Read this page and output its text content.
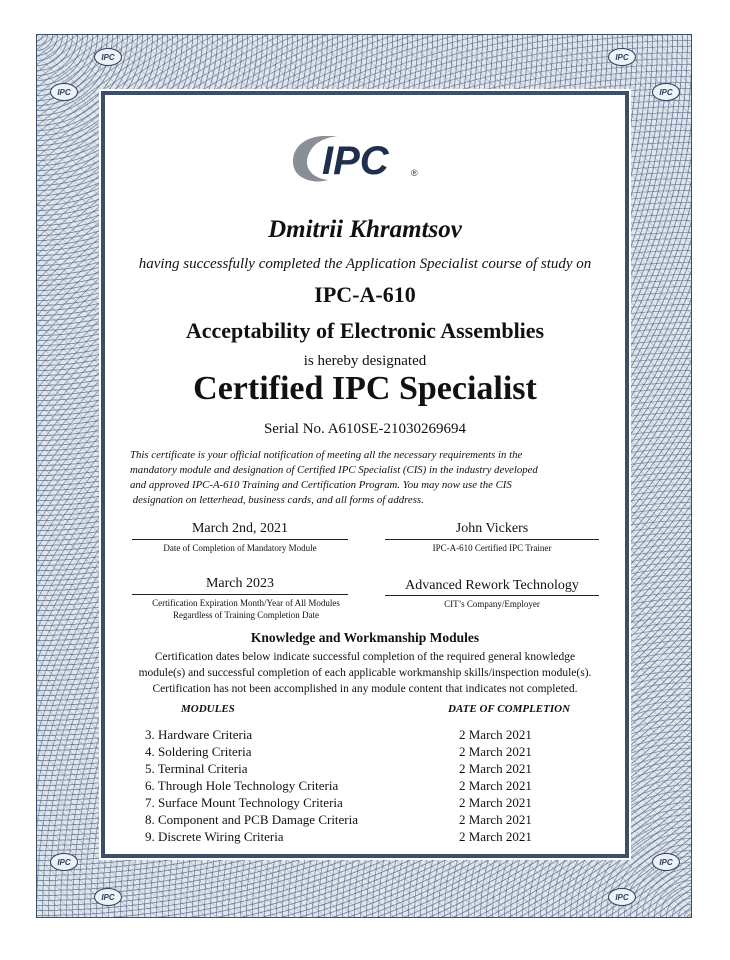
IPC	IPC
IPC	IPC
IPC	IPC
IPC	IPC
IPC ®
Dmitrii Khramtsov
having successfully completed the Application Specialist course of study on
IPC-A-610
Acceptability of Electronic Assemblies
is hereby designated
Certified IPC Specialist
Serial No. A610SE-21030269694
This certificate is your official notification of meeting all the necessary requirements in the
mandatory module and designation of Certified IPC Specialist (CIS) in the industry developed
and approved IPC-A-610 Training and Certification Program. You may now use the CIS
designation on letterhead, business cards, and all forms of address.
March 2nd, 2021
Date of Completion of Mandatory Module
John Vickers
IPC-A-610 Certified IPC Trainer
March 2023
Certification Expiration Month/Year of All Modules
Regardless of Training Completion Date
Advanced Rework Technology
CIT’s Company/Employer
Knowledge and Workmanship Modules
Certification dates below indicate successful completion of the required general knowledge
module(s) and successful completion of each applicable workmanship skills/inspection module(s).
Certification has not been accomplished in any module content that indicates not completed.
MODULES	DATE OF COMPLETION
3. Hardware Criteria	2 March 2021
4. Soldering Criteria	2 March 2021
5. Terminal Criteria	2 March 2021
6. Through Hole Technology Criteria	2 March 2021
7. Surface Mount Technology Criteria	2 March 2021
8. Component and PCB Damage Criteria	2 March 2021
9. Discrete Wiring Criteria	2 March 2021
